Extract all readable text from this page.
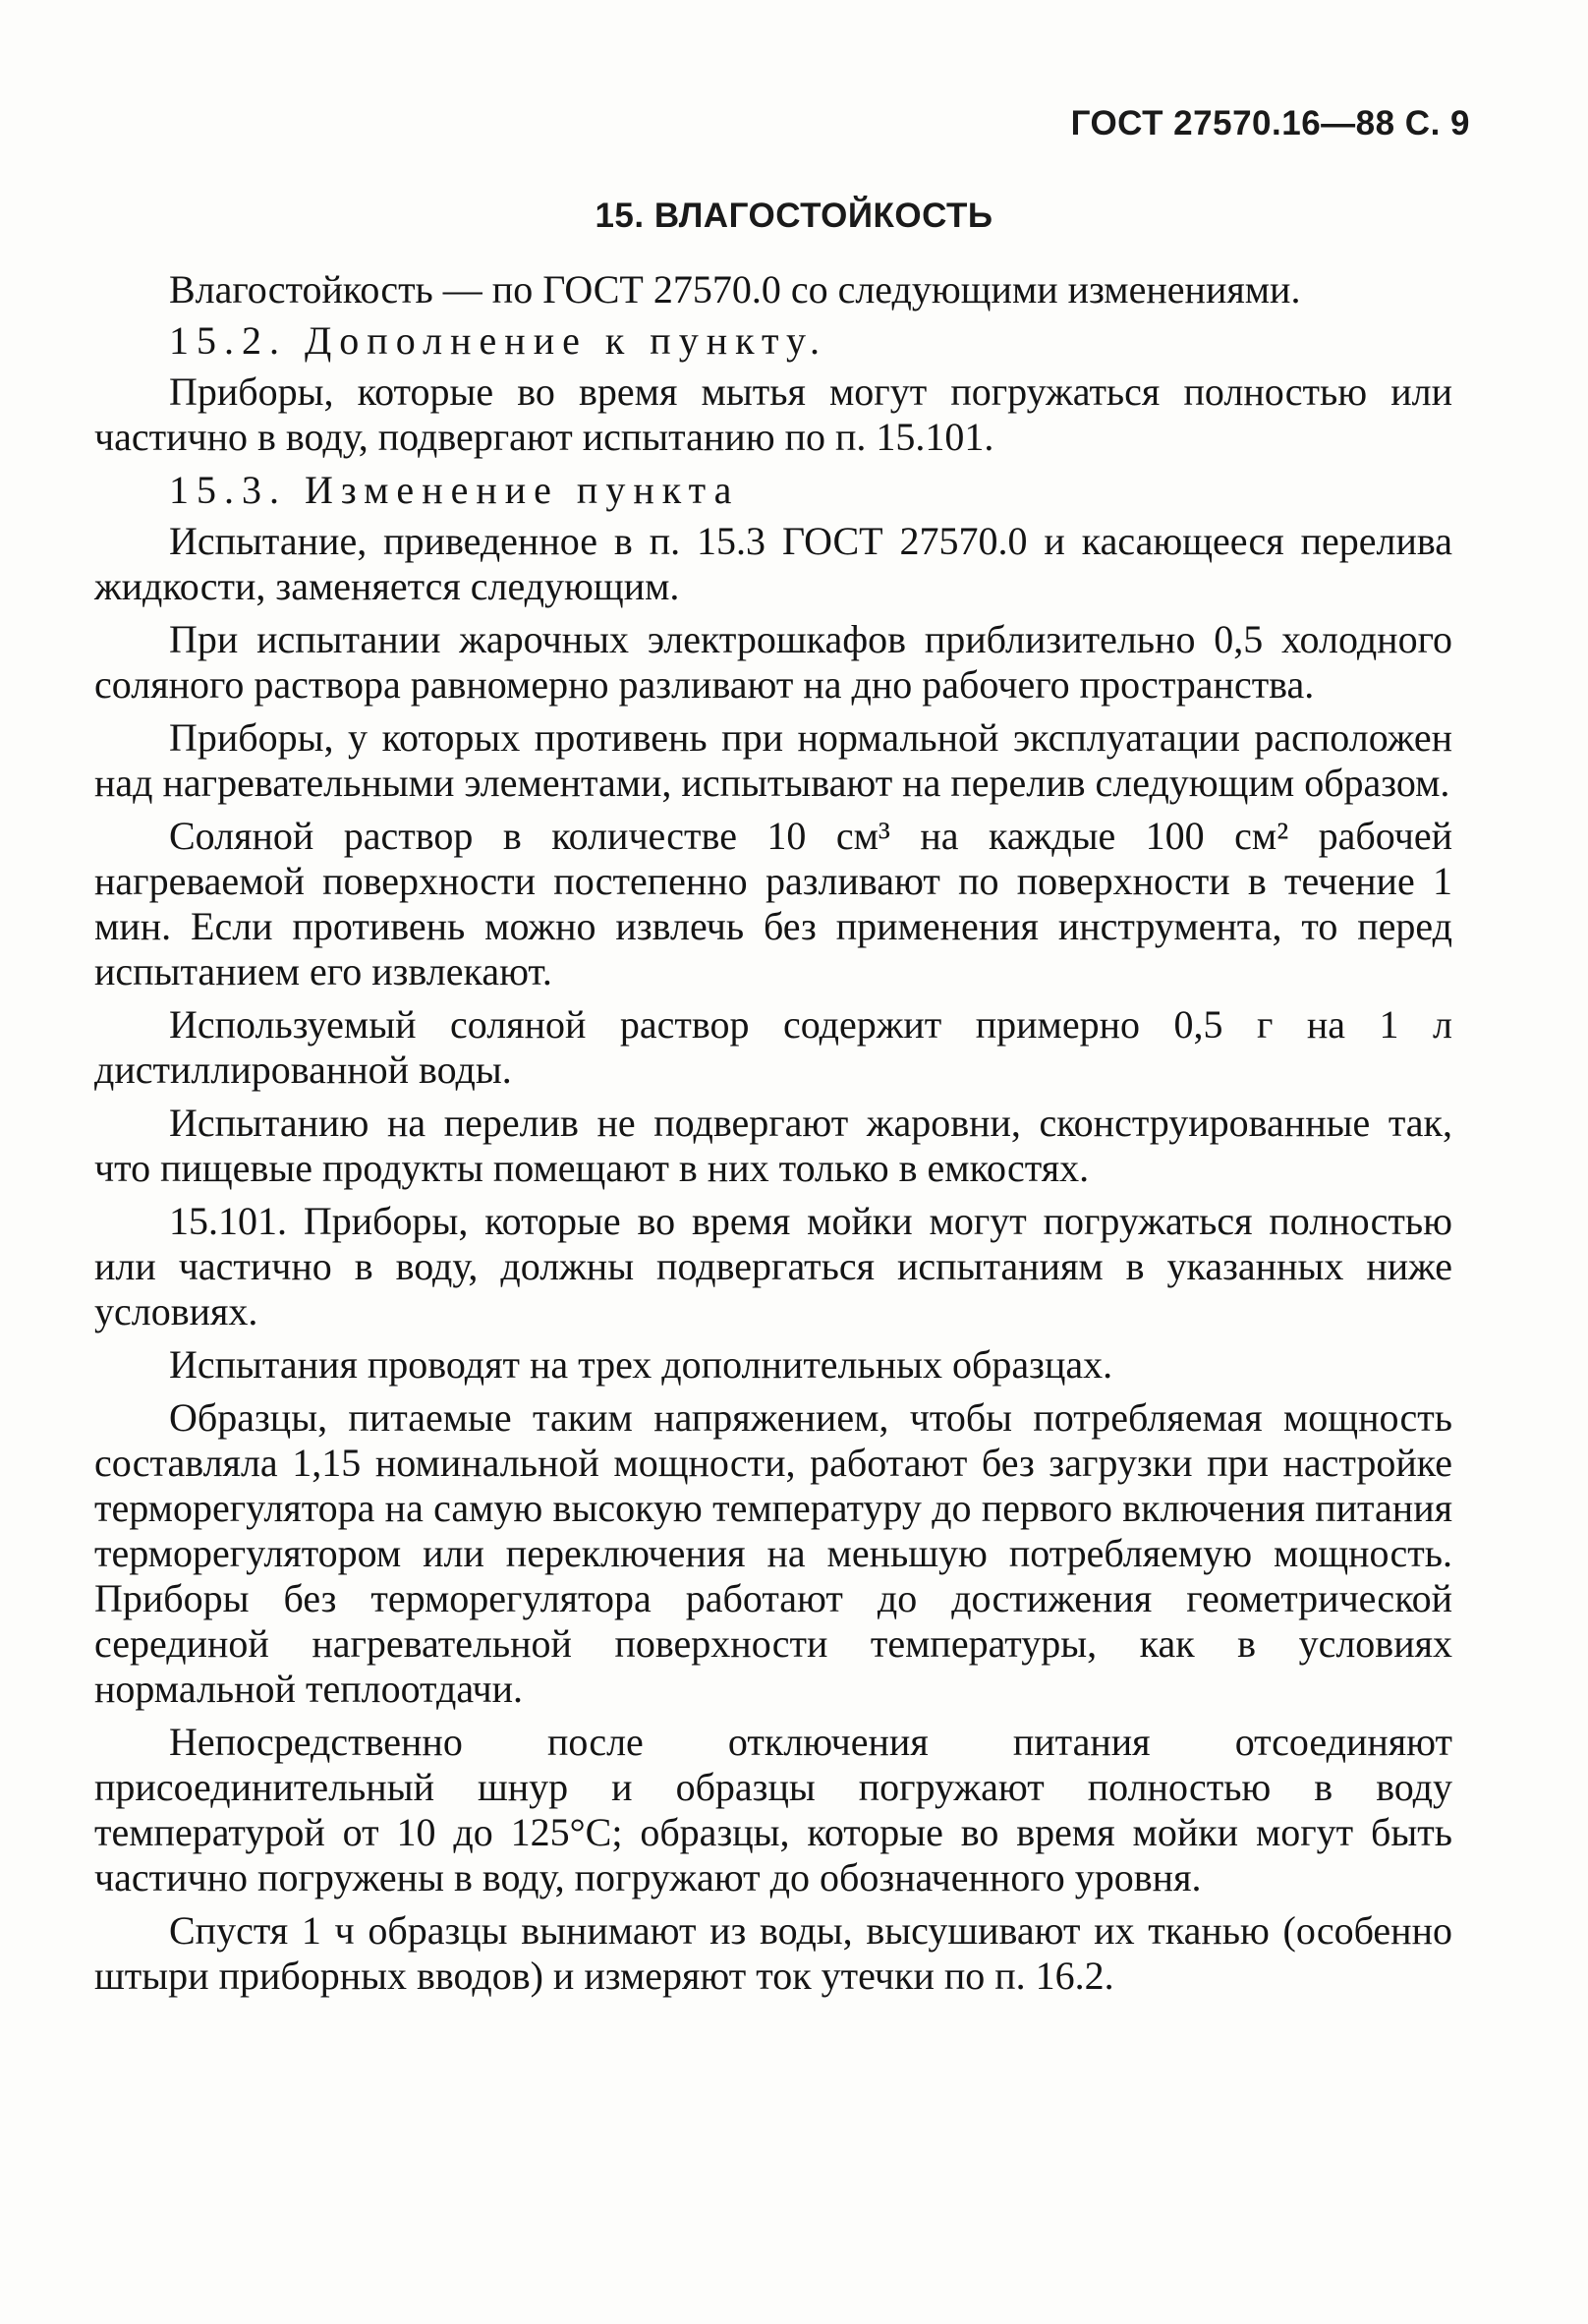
ГОСТ 27570.16—88 С. 9
15. ВЛАГОСТОЙКОСТЬ

Влагостойкость — по ГОСТ 27570.0 со следующими изменениями.

15.2. Дополнение к пункту.

Приборы, которые во время мытья могут погружаться полностью или частично в воду, подвергают испытанию по п. 15.101.

15.3. Изменение пункта

Испытание, приведенное в п. 15.3 ГОСТ 27570.0 и касающееся перелива жидкости, заменяется следующим.

При испытании жарочных электрошкафов приблизительно 0,5 холодного соляного раствора равномерно разливают на дно рабочего пространства.

Приборы, у которых противень при нормальной эксплуатации расположен над нагревательными элементами, испытывают на перелив следующим образом.

Соляной раствор в количестве 10 см³ на каждые 100 см² рабочей нагреваемой поверхности постепенно разливают по поверхности в течение 1 мин. Если противень можно извлечь без применения инструмента, то перед испытанием его извлекают.

Используемый соляной раствор содержит примерно 0,5 г на 1 л дистиллированной воды.

Испытанию на перелив не подвергают жаровни, сконструированные так, что пищевые продукты помещают в них только в емкостях.

15.101. Приборы, которые во время мойки могут погружаться полностью или частично в воду, должны подвергаться испытаниям в указанных ниже условиях.

Испытания проводят на трех дополнительных образцах.

Образцы, питаемые таким напряжением, чтобы потребляемая мощность составляла 1,15 номинальной мощности, работают без загрузки при настройке терморегулятора на самую высокую температуру до первого включения питания терморегулятором или переключения на меньшую потребляемую мощность. Приборы без терморегулятора работают до достижения геометрической серединой нагревательной поверхности температуры, как в условиях нормальной теплоотдачи.

Непосредственно после отключения питания отсоединяют присоединительный шнур и образцы погружают полностью в воду температурой от 10 до 125°С; образцы, которые во время мойки могут быть частично погружены в воду, погружают до обозначенного уровня.

Спустя 1 ч образцы вынимают из воды, высушивают их тканью (особенно штыри приборных вводов) и измеряют ток утечки по п. 16.2.
